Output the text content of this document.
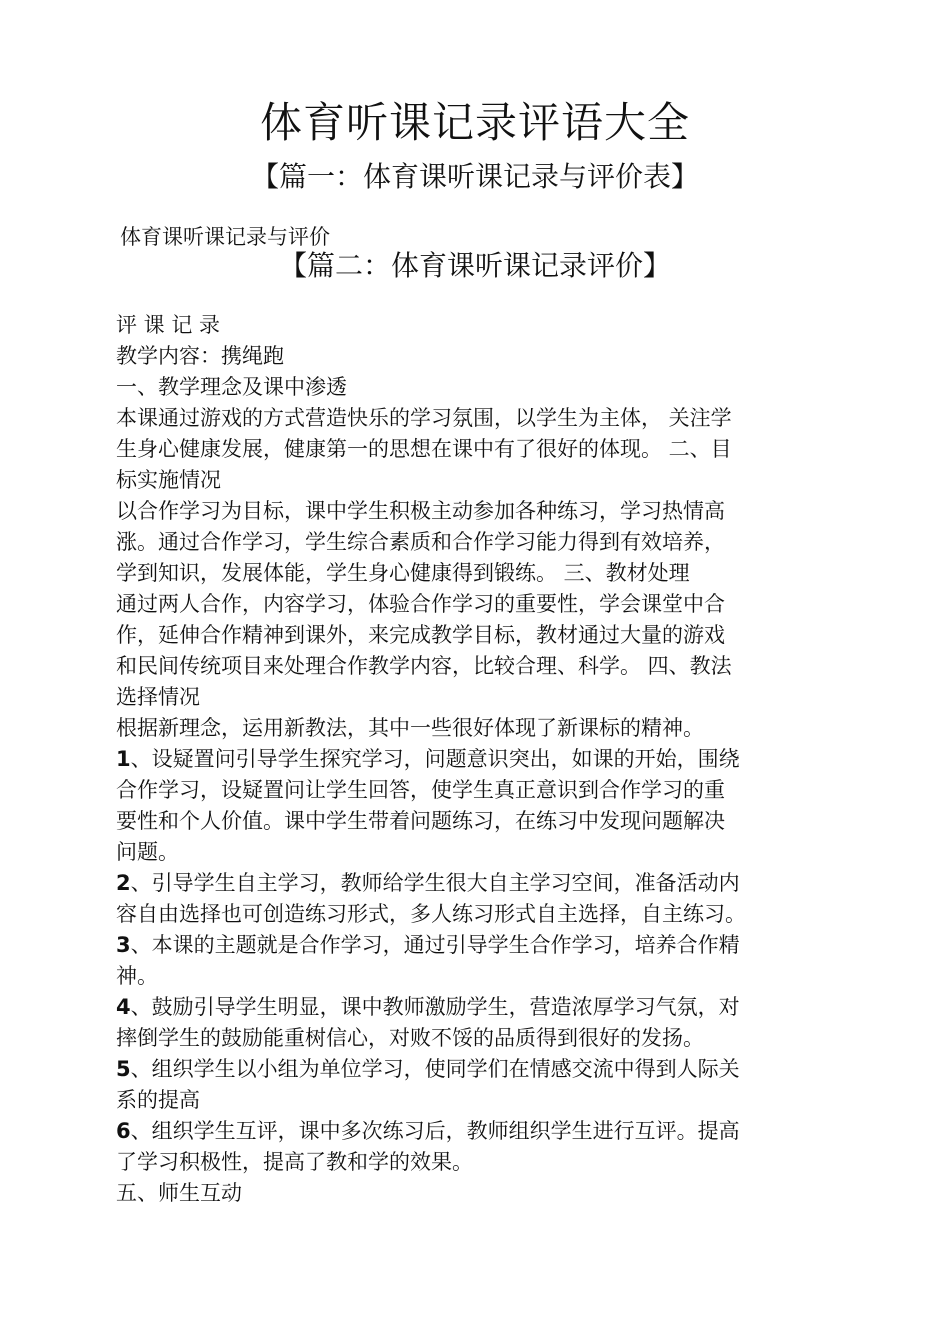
体育听课记录评语大全
【篇一：体育课听课记录与评价表】
体育课听课记录与评价
【篇二：体育课听课记录评价】
评 课 记 录
教学内容：携绳跑
一、教学理念及课中渗透
本课通过游戏的方式营造快乐的学习氛围，以学生为主体， 关注学
生身心健康发展，健康第一的思想在课中有了很好的体现。 二、目
标实施情况
以合作学习为目标，课中学生积极主动参加各种练习，学习热情高
涨。通过合作学习，学生综合素质和合作学习能力得到有效培养，
学到知识，发展体能，学生身心健康得到锻练。 三、教材处理
通过两人合作，内容学习，体验合作学习的重要性，学会课堂中合
作，延伸合作精神到课外，来完成教学目标，教材通过大量的游戏
和民间传统项目来处理合作教学内容，比较合理、科学。 四、教法
选择情况
根据新理念，运用新教法，其中一些很好体现了新课标的精神。
1、设疑置问引导学生探究学习，问题意识突出，如课的开始，围绕
合作学习，设疑置问让学生回答，使学生真正意识到合作学习的重
要性和个人价值。课中学生带着问题练习，在练习中发现问题解决
问题。
2、引导学生自主学习，教师给学生很大自主学习空间，准备活动内
容自由选择也可创造练习形式，多人练习形式自主选择，自主练习。
3、本课的主题就是合作学习，通过引导学生合作学习，培养合作精
神。
4、鼓励引导学生明显，课中教师激励学生，营造浓厚学习气氛，对
摔倒学生的鼓励能重树信心，对败不馁的品质得到很好的发扬。
5、组织学生以小组为单位学习，使同学们在情感交流中得到人际关
系的提高
6、组织学生互评，课中多次练习后，教师组织学生进行互评。提高
了学习积极性，提高了教和学的效果。
五、师生互动
